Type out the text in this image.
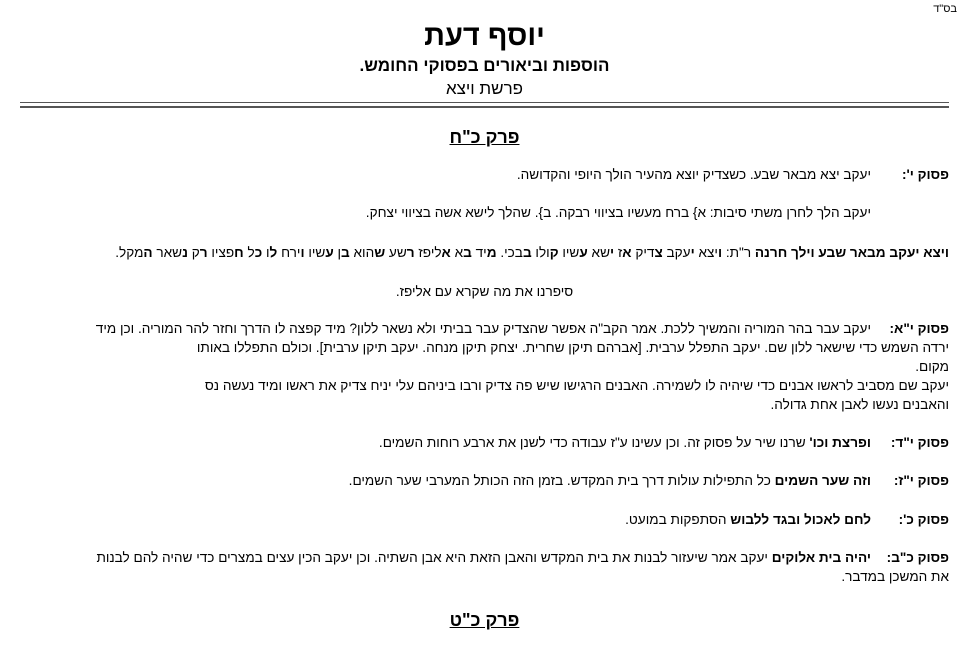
בס"ד
יוסף דעת
הוספות וביאורים בפסוקי החומש.
פרשת ויצא
פרק כ"ח
פסוק י':

יעקב יצא מבאר שבע. כשצדיק יוצא מהעיר הולך היופי והקדושה.

יעקב הלך לחרן משתי סיבות: א} ברח מעשיו בציווי רבקה. ב}. שהלך לישא אשה בציווי יצחק.

ויצא יעקב מבאר שבע וילך חרנה ר"ת: ויצא יעקב צדיק אז ישא עשיו קולו בבכי. מיד בא אליפז רשע שהוא בן עשיו וירח לו כל חפציו רק נשאר המקל.
סיפרנו את מה שקרא עם אליפז.
פסוק י"א:

יעקב עבר בהר המוריה והמשיך ללכת. אמר הקב"ה אפשר שהצדיק עבר בביתי ולא נשאר ללון? מיד קפצה לו הדרך וחזר להר המוריה. וכן מיד

ירדה השמש כדי שישאר ללון שם. יעקב התפלל ערבית. [אברהם תיקן שחרית. יצחק תיקן מנחה. יעקב תיקן ערבית]. וכולם התפללו באותו
מקום.
יעקב שם מסביב לראשו אבנים כדי שיהיה לו לשמירה. האבנים הרגישו שיש פה צדיק ורבו ביניהם עלי יניח צדיק את ראשו ומיד נעשה נס
והאבנים נעשו לאבן אחת גדולה.
פסוק י"ד:
ופרצת וכו' שרנו שיר על פסוק זה. וכן עשינו ע"ז עבודה כדי לשנן את ארבע רוחות השמים.
פסוק י"ז:
וזה שער השמים כל התפילות עולות דרך בית המקדש. בזמן הזה הכותל המערבי שער השמים.
פסוק כ':
לחם לאכול ובגד ללבוש הסתפקות במועט.
פסוק כ"ב:
יהיה בית אלוקים יעקב אמר שיעזור לבנות את בית המקדש והאבן הזאת היא אבן השתיה. וכן יעקב הכין עצים במצרים כדי שהיה להם לבנות
את המשכן במדבר.
פרק כ"ט
